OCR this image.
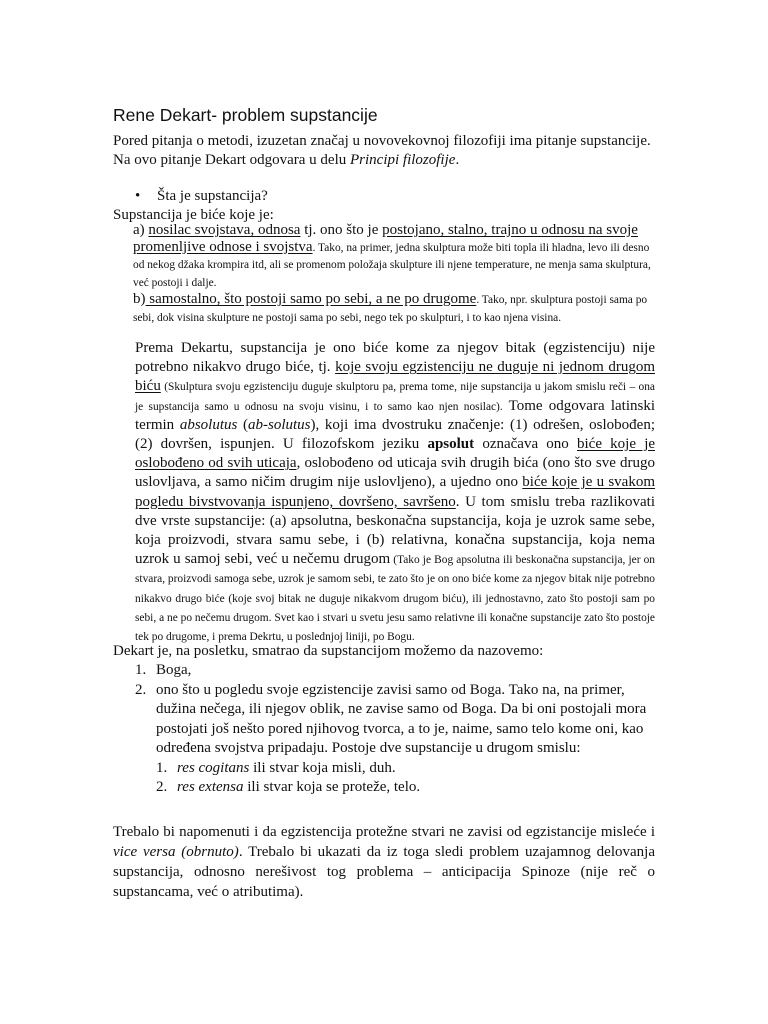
Rene Dekart- problem supstancije
Pored pitanja o metodi, izuzetan značaj u novovekovnoj filozofiji ima pitanje supstancije. Na ovo pitanje Dekart odgovara u delu Principi filozofije.
• Šta je supstancija?
Supstancija je biće koje je:
a) nosilac svojstava, odnosa tj. ono što je postojano, stalno, trajno u odnosu na svoje promenljive odnose i svojstva. Tako, na primer, jedna skulptura može biti topla ili hladna, levo ili desno od nekog džaka krompira itd, ali se promenom položaja skulpture ili njene temperature, ne menja sama skulptura, već postoji i dalje.
b) samostalno, što postoji samo po sebi, a ne po drugome. Tako, npr. skulptura postoji sama po sebi, dok visina skulpture ne postoji sama po sebi, nego tek po skulpturi, i to kao njena visina.
Prema Dekartu, supstancija je ono biće kome za njegov bitak (egzistenciju) nije potrebno nikakvo drugo biće, tj. koje svoju egzistenciju ne duguje ni jednom drugom biću (Skulptura svoju egzistenciju duguje skulptoru pa, prema tome, nije supstancija u jakom smislu reči – ona je supstancija samo u odnosu na svoju visinu, i to samo kao njen nosilac). Tome odgovara latinski termin absolutus (ab-solutus), koji ima dvostruku značenje: (1) odrešen, oslobođen; (2) dovršen, ispunjen. U filozofskom jeziku apsolut označava ono biće koje je oslobođeno od svih uticaja, oslobođeno od uticaja svih drugih bića (ono što sve drugo uslovljava, a samo ničim drugim nije uslovljeno), a ujedno ono biće koje je u svakom pogledu bivstvovanja ispunjeno, dovršeno, savršeno. U tom smislu treba razlikovati dve vrste supstancije: (a) apsolutna, beskonačna supstancija, koja je uzrok same sebe, koja proizvodi, stvara samu sebe, i (b) relativna, konačna supstancija, koja nema uzrok u samoj sebi, već u nečemu drugom (Tako je Bog apsolutna ili beskonačna supstancija, jer on stvara, proizvodi samoga sebe, uzrok je samom sebi, te zato što je on ono biće kome za njegov bitak nije potrebno nikakvo drugo biće (koje svoj bitak ne duguje nikakvom drugom biću), ili jednostavno, zato što postoji sam po sebi, a ne po nečemu drugom. Svet kao i stvari u svetu jesu samo relativne ili konačne supstancije zato što postoje tek po drugome, i prema Dekrtu, u poslednjoj liniji, po Bogu.
Dekart je, na posletku, smatrao da supstancijom možemo da nazovemo:
1. Boga,
2. ono što u pogledu svoje egzistencije zavisi samo od Boga. Tako na, na primer, dužina nečega, ili njegov oblik, ne zavise samo od Boga. Da bi oni postojali mora postojati još nešto pored njihovog tvorca, a to je, naime, samo telo kome oni, kao određena svojstva pripadaju. Postoje dve supstancije u drugom smislu:
1. res cogitans ili stvar koja misli, duh.
2. res extensa ili stvar koja se proteže, telo.
Trebalo bi napomenuti i da egzistencija protežne stvari ne zavisi od egzistancije misleće i vice versa (obrnuto). Trebalo bi ukazati da iz toga sledi problem uzajamnog delovanja supstancija, odnosno nerešivost tog problema – anticipacija Spinoze (nije reč o supstancama, već o atributima).
